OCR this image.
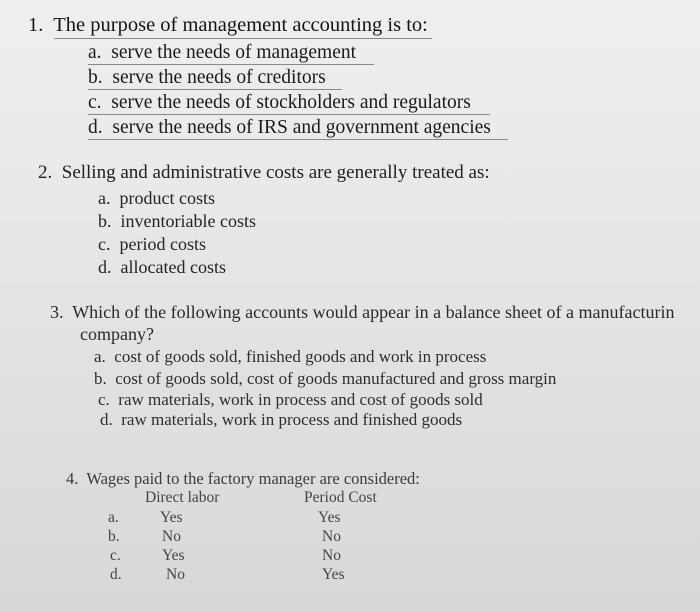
1. The purpose of management accounting is to:
a. serve the needs of management
b. serve the needs of creditors
c. serve the needs of stockholders and regulators
d. serve the needs of IRS and government agencies
2. Selling and administrative costs are generally treated as:
a. product costs
b. inventoriable costs
c. period costs
d. allocated costs
3. Which of the following accounts would appear in a balance sheet of a manufacturin
company?
a. cost of goods sold, finished goods and work in process
b. cost of goods sold, cost of goods manufactured and gross margin
c. raw materials, work in process and cost of goods sold
d. raw materials, work in process and finished goods
4. Wages paid to the factory manager are considered:
Direct labor	Period Cost
a.	Yes	Yes
b.	No	No
c.	Yes	No
d.	No	Yes
